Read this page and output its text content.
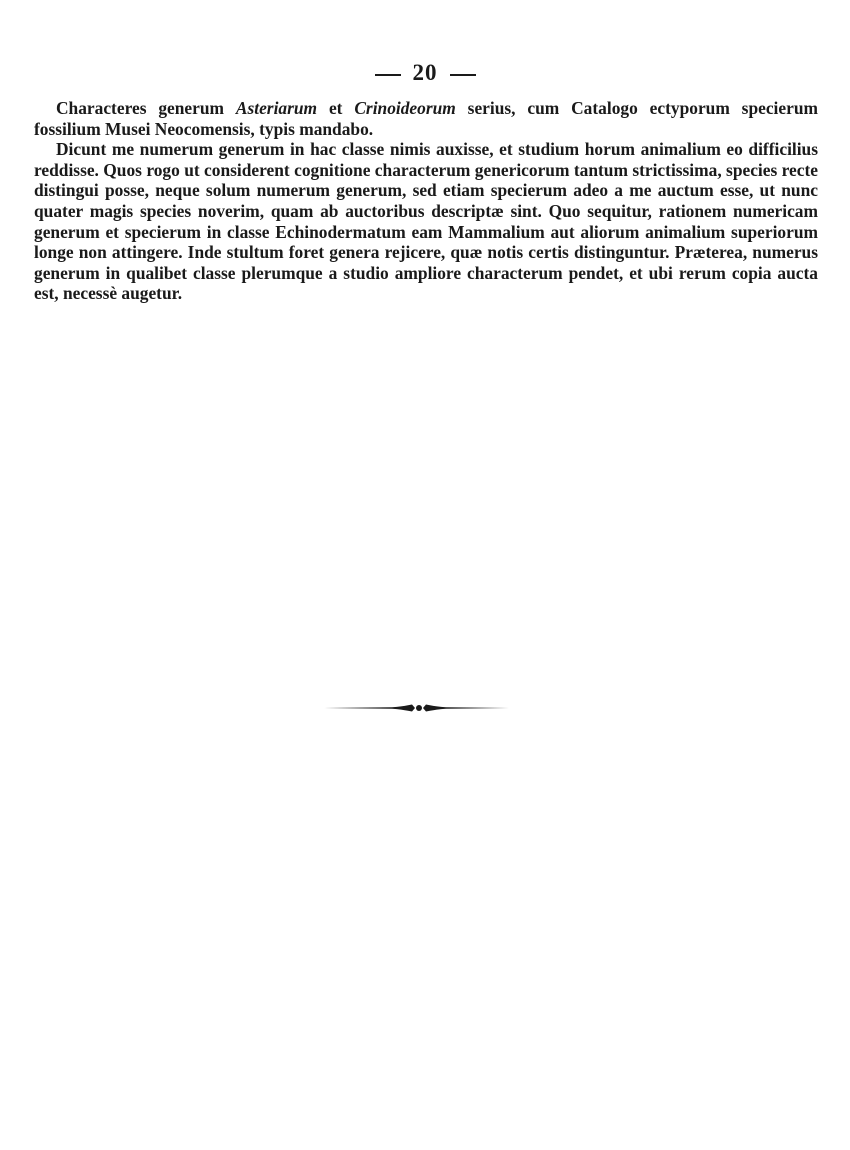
20

Characteres generum Asteriarum et Crinoideorum serius, cum Catalogo ectyporum specierum fossilium Musei Neocomensis, typis mandabo.

Dicunt me numerum generum in hac classe nimis auxisse, et studium horum animalium eo difficilius reddisse. Quos rogo ut considerent cognitione characterum genericorum tantum strictissima, species recte distingui posse, neque solum numerum generum, sed etiam specierum adeo a me auctum esse, ut nunc quater magis species noverim, quam ab auctoribus descriptæ sint. Quo sequitur, rationem numericam generum et specierum in classe Echinodermatum eam Mammalium aut aliorum animalium superiorum longe non attingere. Inde stultum foret genera rejicere, quæ notis certis distinguntur. Præterea, numerus generum in qualibet classe plerumque a studio ampliore characterum pendet, et ubi rerum copia aucta est, necessè augetur.
